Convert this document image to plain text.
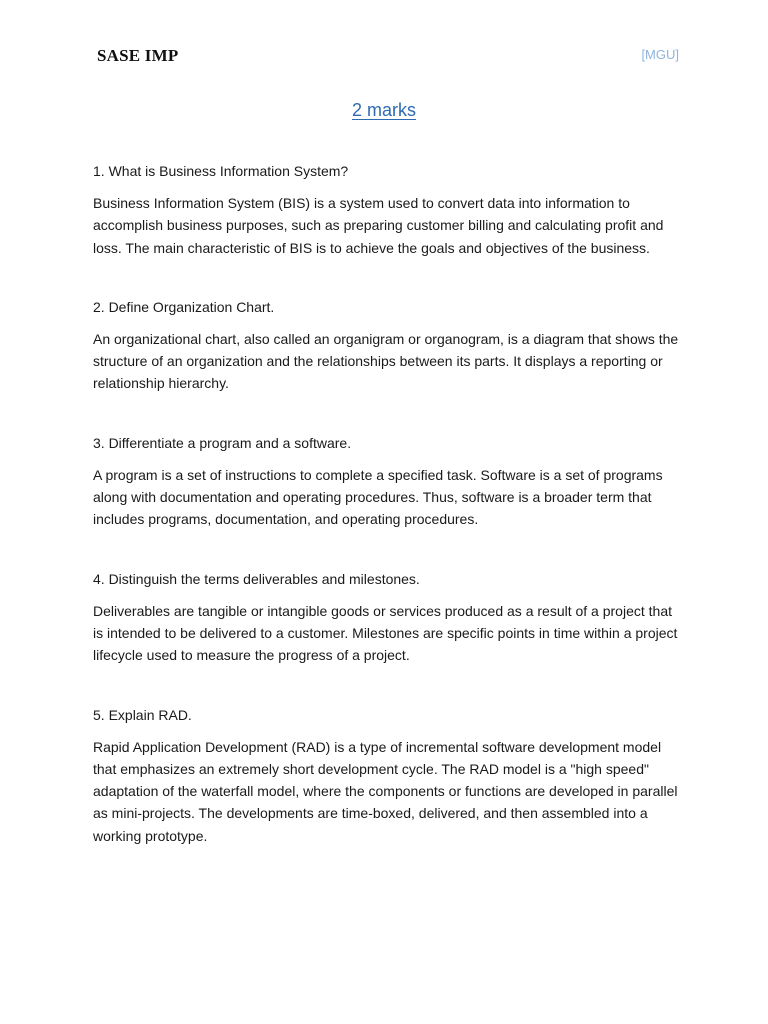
SASE IMP	[MGU]
2 marks

1. What is Business Information System?

Business Information System (BIS) is a system used to convert data into information to accomplish business purposes, such as preparing customer billing and calculating profit and loss. The main characteristic of BIS is to achieve the goals and objectives of the business.

2. Define Organization Chart.

An organizational chart, also called an organigram or organogram, is a diagram that shows the structure of an organization and the relationships between its parts. It displays a reporting or relationship hierarchy.

3. Differentiate a program and a software.

A program is a set of instructions to complete a specified task. Software is a set of programs along with documentation and operating procedures. Thus, software is a broader term that includes programs, documentation, and operating procedures.

4. Distinguish the terms deliverables and milestones.

Deliverables are tangible or intangible goods or services produced as a result of a project that is intended to be delivered to a customer. Milestones are specific points in time within a project lifecycle used to measure the progress of a project.

5. Explain RAD.

Rapid Application Development (RAD) is a type of incremental software development model that emphasizes an extremely short development cycle. The RAD model is a "high speed" adaptation of the waterfall model, where the components or functions are developed in parallel as mini-projects. The developments are time-boxed, delivered, and then assembled into a working prototype.
